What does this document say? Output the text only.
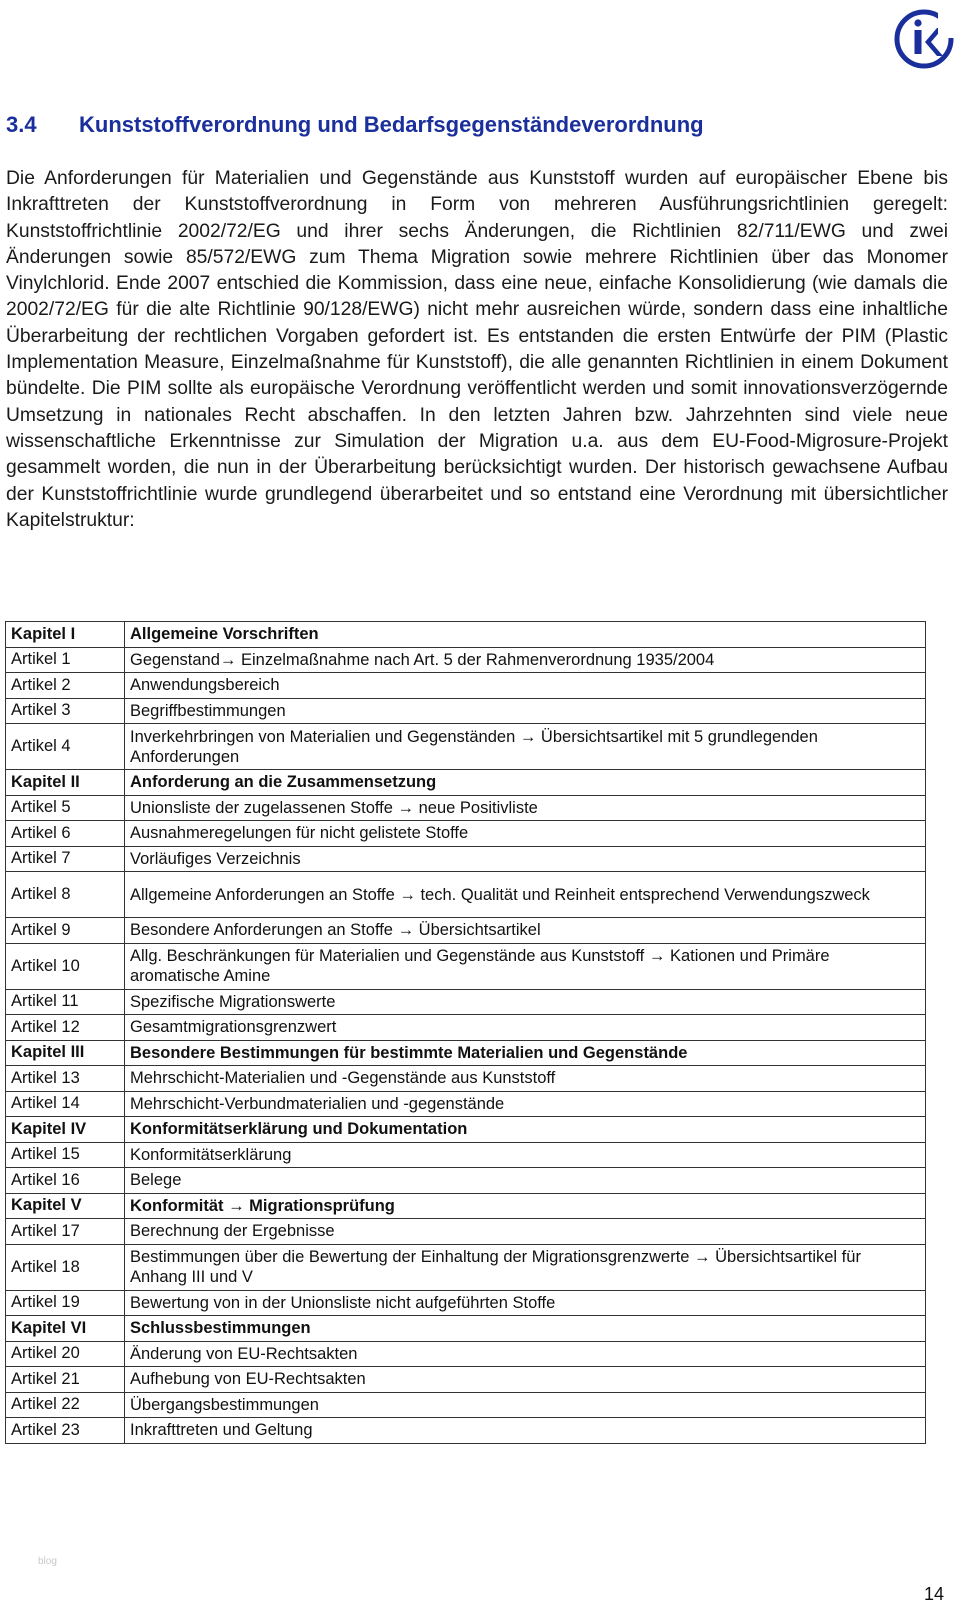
3.4 Kunststoffverordnung und Bedarfsgegenständeverordnung

Die Anforderungen für Materialien und Gegenstände aus Kunststoff wurden auf europäischer Ebene bis Inkrafttreten der Kunststoffverordnung in Form von mehreren Ausführungsrichtlinien geregelt: Kunststoffrichtlinie 2002/72/EG und ihrer sechs Änderungen, die Richtlinien 82/711/EWG und zwei Änderungen sowie 85/572/EWG zum Thema Migration sowie mehrere Richtlinien über das Monomer Vinylchlorid. Ende 2007 entschied die Kommission, dass eine neue, einfache Konsolidierung (wie damals die 2002/72/EG für die alte Richtlinie 90/128/EWG) nicht mehr ausreichen würde, sondern dass eine inhaltliche Überarbeitung der rechtlichen Vorgaben gefordert ist. Es entstanden die ersten Entwürfe der PIM (Plastic Implementation Measure, Einzelmaßnahme für Kunststoff), die alle genannten Richtlinien in einem Dokument bündelte. Die PIM sollte als europäische Verordnung veröffentlicht werden und somit innovationsverzögernde Umsetzung in nationales Recht abschaffen. In den letzten Jahren bzw. Jahrzehnten sind viele neue wissenschaftliche Erkenntnisse zur Simulation der Migration u.a. aus dem EU-Food-Migrosure-Projekt gesammelt worden, die nun in der Überarbeitung berücksichtigt wurden. Der historisch gewachsene Aufbau der Kunststoffrichtlinie wurde grundlegend überarbeitet und so entstand eine Verordnung mit übersichtlicher Kapitelstruktur:

Kapitel I	Allgemeine Vorschriften

Artikel 1	Gegenstand→ Einzelmaßnahme nach Art. 5 der Rahmenverordnung 1935/2004

Artikel 2	Anwendungsbereich

Artikel 3	Begriffbestimmungen

Artikel 4	Inverkehrbringen von Materialien und Gegenständen → Übersichtsartikel mit 5 grundlegenden Anforderungen

Kapitel II	Anforderung an die Zusammensetzung

Artikel 5	Unionsliste der zugelassenen Stoffe → neue Positivliste

Artikel 6	Ausnahmeregelungen für nicht gelistete Stoffe

Artikel 7	Vorläufiges Verzeichnis

Artikel 8	Allgemeine Anforderungen an Stoffe → tech. Qualität und Reinheit entsprechend Verwendungszweck

Artikel 9	Besondere Anforderungen an Stoffe → Übersichtsartikel

Artikel 10	Allg. Beschränkungen für Materialien und Gegenstände aus Kunststoff → Kationen und Primäre aromatische Amine

Artikel 11	Spezifische Migrationswerte

Artikel 12	Gesamtmigrationsgrenzwert

Kapitel III	Besondere Bestimmungen für bestimmte Materialien und Gegenstände

Artikel 13	Mehrschicht-Materialien und -Gegenstände aus Kunststoff

Artikel 14	Mehrschicht-Verbundmaterialien und -gegenstände

Kapitel IV	Konformitätserklärung und Dokumentation

Artikel 15	Konformitätserklärung

Artikel 16	Belege

Kapitel V	Konformität → Migrationsprüfung

Artikel 17	Berechnung der Ergebnisse

Artikel 18	Bestimmungen über die Bewertung der Einhaltung der Migrationsgrenzwerte → Übersichtsartikel für Anhang III und V

Artikel 19	Bewertung von in der Unionsliste nicht aufgeführten Stoffe

Kapitel VI	Schlussbestimmungen

Artikel 20	Änderung von EU-Rechtsakten

Artikel 21	Aufhebung von EU-Rechtsakten

Artikel 22	Übergangsbestimmungen

Artikel 23	Inkrafttreten und Geltung
blog
14
